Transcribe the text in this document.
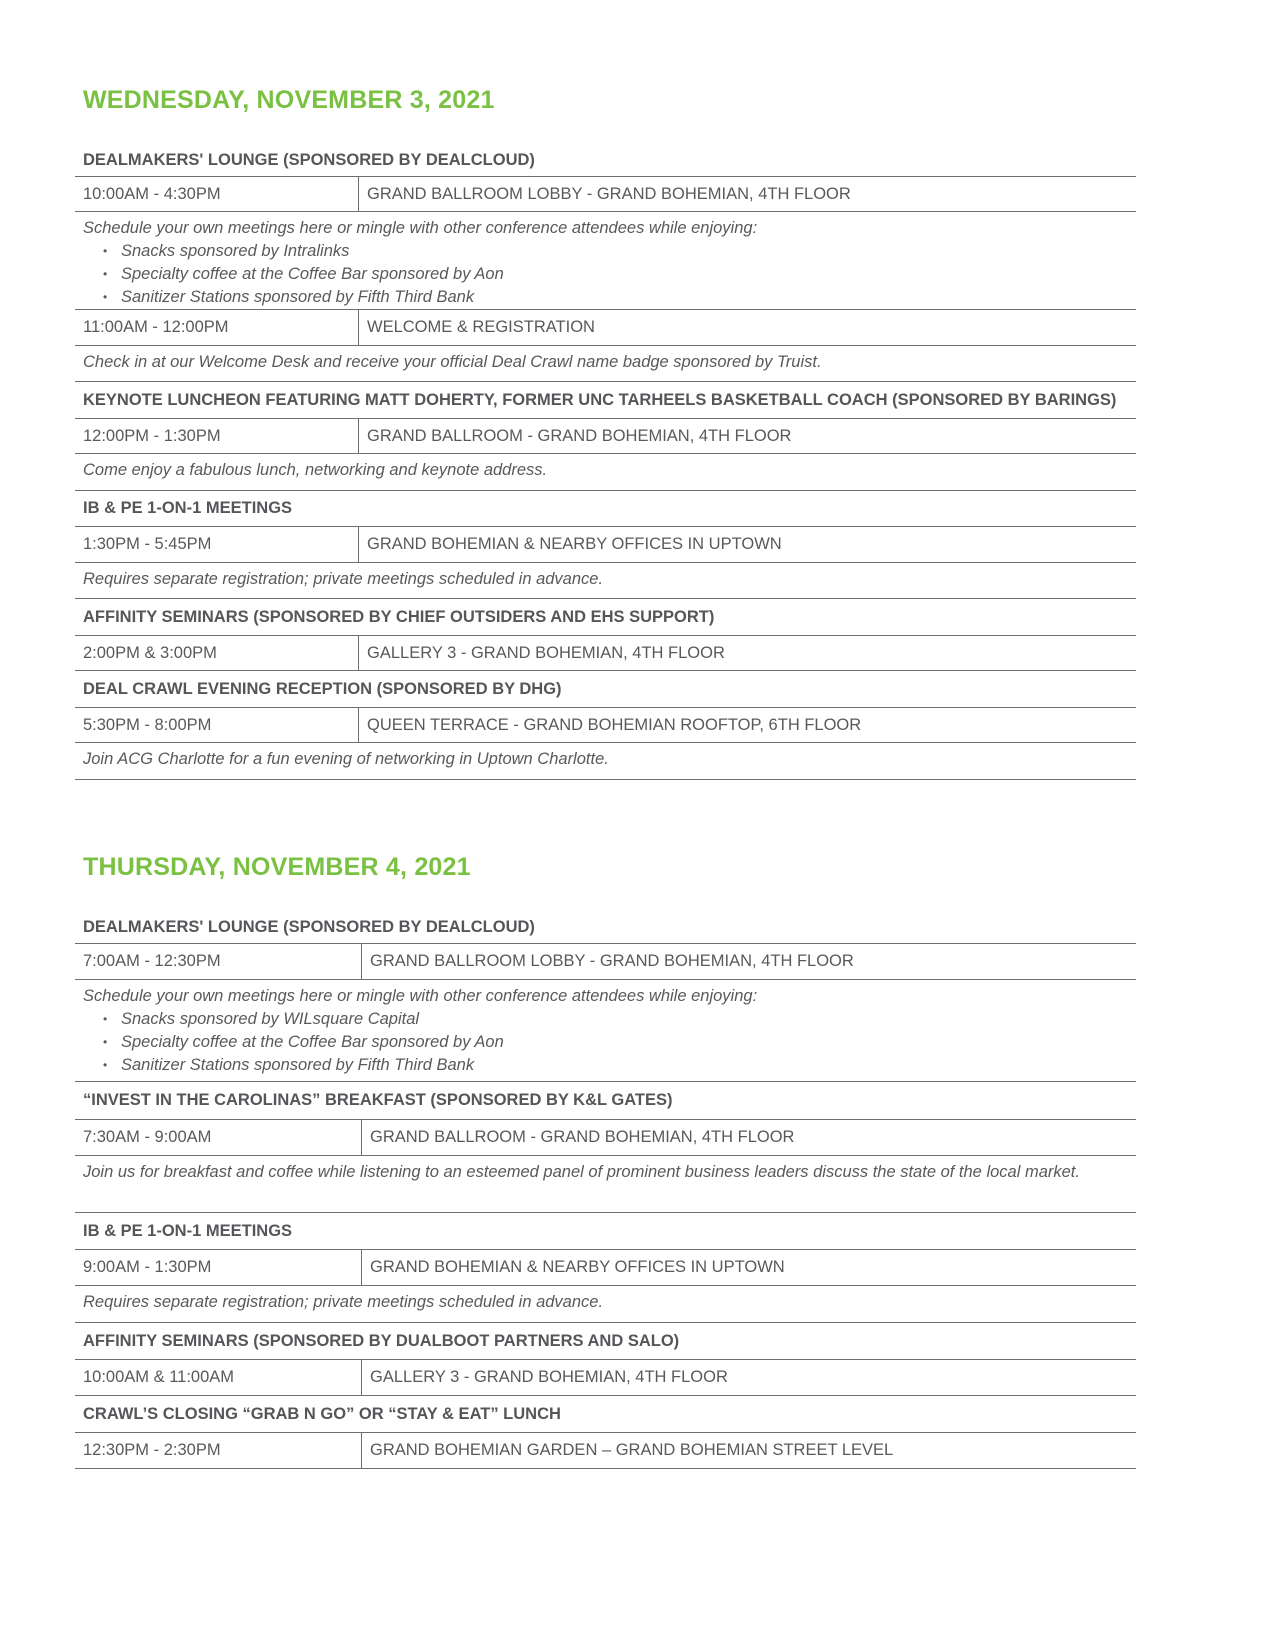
WEDNESDAY, NOVEMBER 3, 2021
DEALMAKERS' LOUNGE (SPONSORED BY DEALCLOUD)
10:00AM - 4:30PM	GRAND BALLROOM LOBBY - GRAND BOHEMIAN, 4TH FLOOR
Schedule your own meetings here or mingle with other conference attendees while enjoying:
• Snacks sponsored by Intralinks
• Specialty coffee at the Coffee Bar sponsored by Aon
• Sanitizer Stations sponsored by Fifth Third Bank
11:00AM - 12:00PM	WELCOME & REGISTRATION
Check in at our Welcome Desk and receive your official Deal Crawl name badge sponsored by Truist.
KEYNOTE LUNCHEON FEATURING MATT DOHERTY, FORMER UNC TARHEELS BASKETBALL COACH (SPONSORED BY BARINGS)
12:00PM - 1:30PM	GRAND BALLROOM - GRAND BOHEMIAN, 4TH FLOOR
Come enjoy a fabulous lunch, networking and keynote address.
IB & PE 1-ON-1 MEETINGS
1:30PM - 5:45PM	GRAND BOHEMIAN & NEARBY OFFICES IN UPTOWN
Requires separate registration; private meetings scheduled in advance.
AFFINITY SEMINARS (SPONSORED BY CHIEF OUTSIDERS AND EHS SUPPORT)
2:00PM & 3:00PM	GALLERY 3 - GRAND BOHEMIAN, 4TH FLOOR
DEAL CRAWL EVENING RECEPTION (SPONSORED BY DHG)
5:30PM - 8:00PM	QUEEN TERRACE - GRAND BOHEMIAN ROOFTOP, 6TH FLOOR
Join ACG Charlotte for a fun evening of networking in Uptown Charlotte.
THURSDAY, NOVEMBER 4, 2021
DEALMAKERS' LOUNGE (SPONSORED BY DEALCLOUD)
7:00AM - 12:30PM	GRAND BALLROOM LOBBY - GRAND BOHEMIAN, 4TH FLOOR
Schedule your own meetings here or mingle with other conference attendees while enjoying:
• Snacks sponsored by WILsquare Capital
• Specialty coffee at the Coffee Bar sponsored by Aon
• Sanitizer Stations sponsored by Fifth Third Bank
“INVEST IN THE CAROLINAS” BREAKFAST (SPONSORED BY K&L GATES)
7:30AM - 9:00AM	GRAND BALLROOM - GRAND BOHEMIAN, 4TH FLOOR
Join us for breakfast and coffee while listening to an esteemed panel of prominent business leaders discuss the state of the local market.
IB & PE 1-ON-1 MEETINGS
9:00AM - 1:30PM	GRAND BOHEMIAN & NEARBY OFFICES IN UPTOWN
Requires separate registration; private meetings scheduled in advance.
AFFINITY SEMINARS (SPONSORED BY DUALBOOT PARTNERS AND SALO)
10:00AM & 11:00AM	GALLERY 3 - GRAND BOHEMIAN, 4TH FLOOR
CRAWL’S CLOSING “GRAB N GO” OR “STAY & EAT” LUNCH
12:30PM - 2:30PM	GRAND BOHEMIAN GARDEN – GRAND BOHEMIAN STREET LEVEL
